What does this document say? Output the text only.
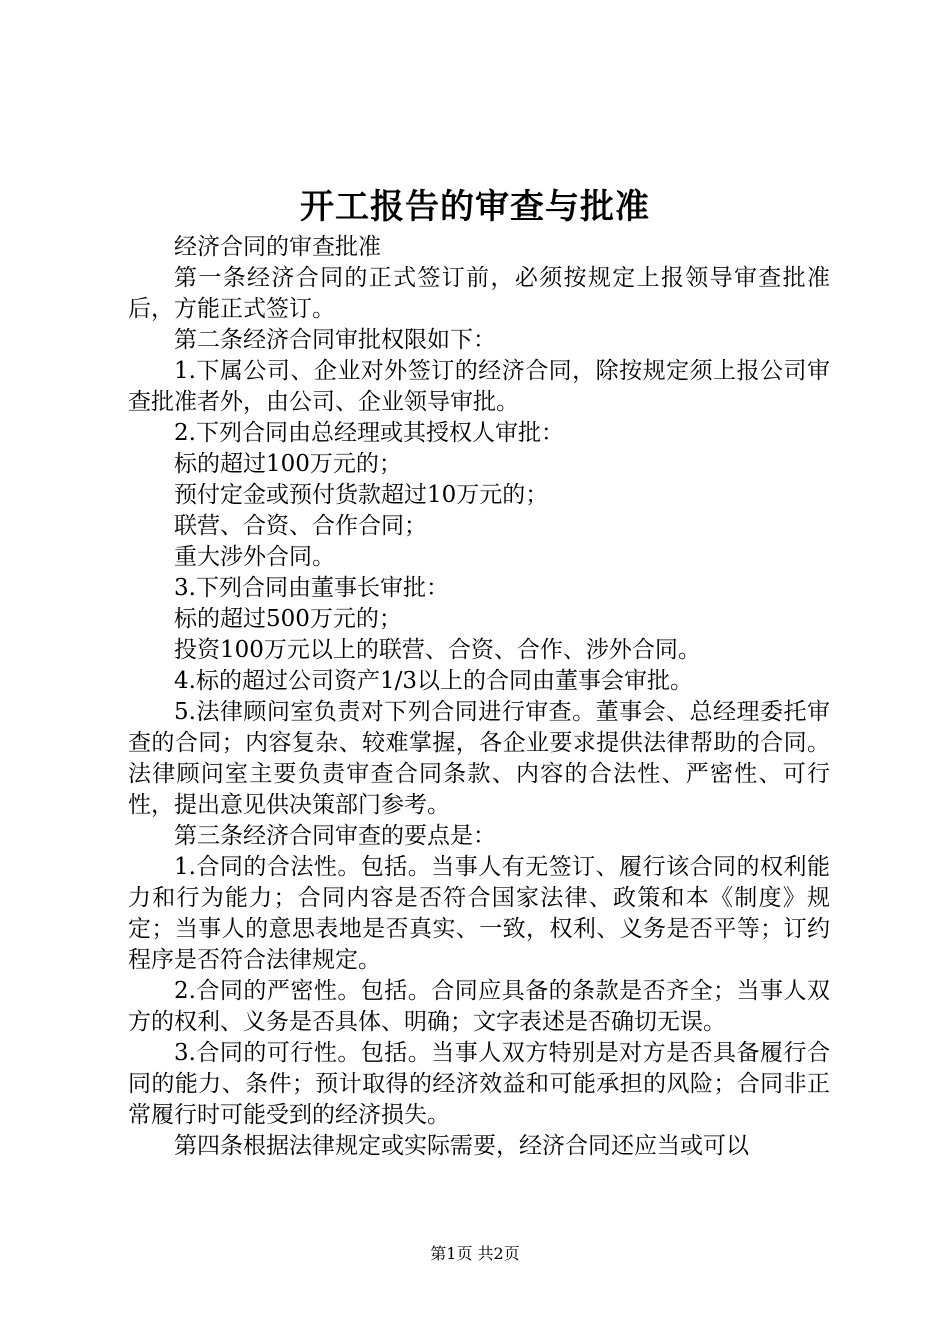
开工报告的审查与批准

经济合同的审查批准

第一条经济合同的正式签订前，必须按规定上报领导审查批准后，方能正式签订。

第二条经济合同审批权限如下：

1.下属公司、企业对外签订的经济合同，除按规定须上报公司审查批准者外，由公司、企业领导审批。

2.下列合同由总经理或其授权人审批：

标的超过100万元的；

预付定金或预付货款超过10万元的；

联营、合资、合作合同；

重大涉外合同。

3.下列合同由董事长审批：

标的超过500万元的；

投资100万元以上的联营、合资、合作、涉外合同。

4.标的超过公司资产1/3以上的合同由董事会审批。

5.法律顾问室负责对下列合同进行审查。董事会、总经理委托审查的合同；内容复杂、较难掌握，各企业要求提供法律帮助的合同。法律顾问室主要负责审查合同条款、内容的合法性、严密性、可行性，提出意见供决策部门参考。

第三条经济合同审查的要点是：

1.合同的合法性。包括。当事人有无签订、履行该合同的权利能力和行为能力；合同内容是否符合国家法律、政策和本《制度》规定；当事人的意思表地是否真实、一致，权利、义务是否平等；订约程序是否符合法律规定。

2.合同的严密性。包括。合同应具备的条款是否齐全；当事人双方的权利、义务是否具体、明确；文字表述是否确切无误。

3.合同的可行性。包括。当事人双方特别是对方是否具备履行合同的能力、条件；预计取得的经济效益和可能承担的风险；合同非正常履行时可能受到的经济损失。

第四条根据法律规定或实际需要，经济合同还应当或可以

第1页 共2页
